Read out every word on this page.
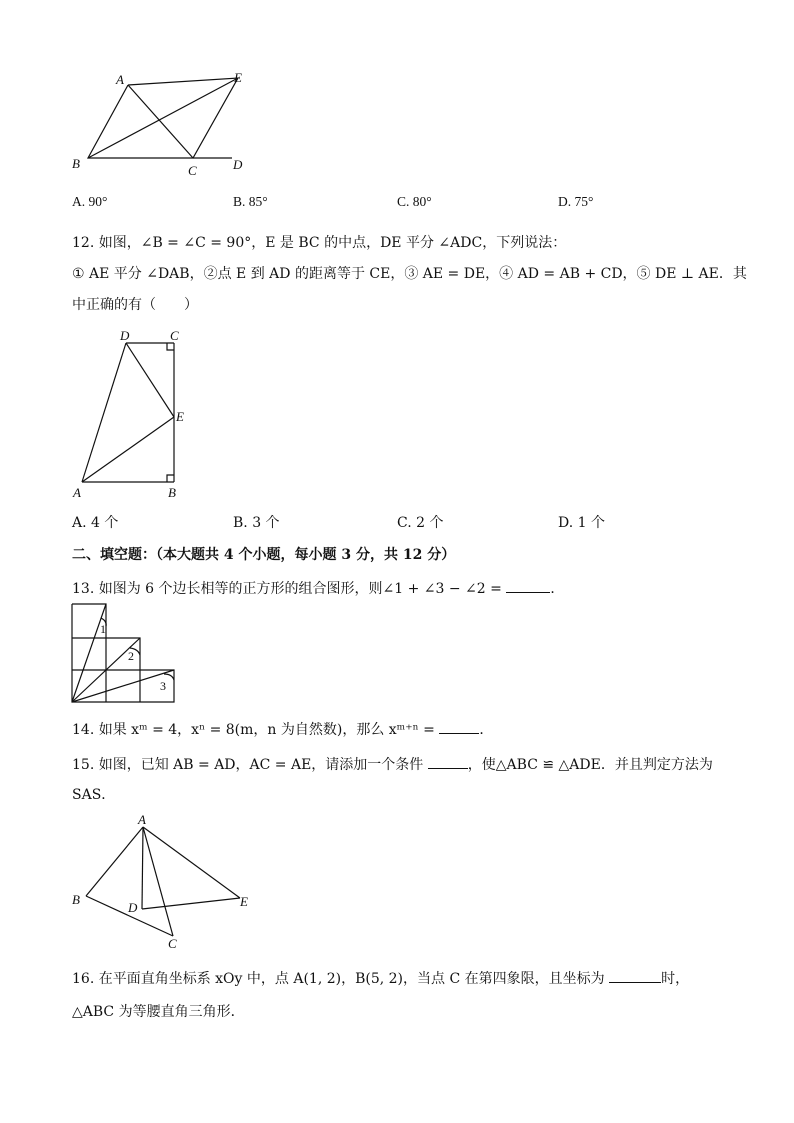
A	E
B	C	D
A. 90°	B. 85°	C. 80°	D. 75°
12. 如图，∠B = ∠C = 90°，E 是 BC 的中点，DE 平分 ∠ADC，下列说法：
① AE 平分 ∠DAB，②点 E 到 AD 的距离等于 CE，③ AE = DE，④ AD = AB + CD，⑤ DE ⊥ AE．其
中正确的有（　　）
D	C
E
A	B
A. 4 个	B. 3 个	C. 2 个	D. 1 个
二、填空题：（本大题共 4 个小题，每小题 3 分，共 12 分）
13. 如图为 6 个边长相等的正方形的组合图形，则∠1 + ∠3 − ∠2 =	．
1
2
3
14. 如果 xᵐ = 4，xⁿ = 8(m，n 为自然数)，那么 xᵐ⁺ⁿ =	．
15. 如图，已知 AB = AD，AC = AE，请添加一个条件	，使△ABC ≌ △ADE．并且判定方法为
SAS．
A
B
D	E
C
16. 在平面直角坐标系 xOy 中，点 A(1, 2)，B(5, 2)，当点 C 在第四象限，且坐标为	时，
△ABC 为等腰直角三角形．
